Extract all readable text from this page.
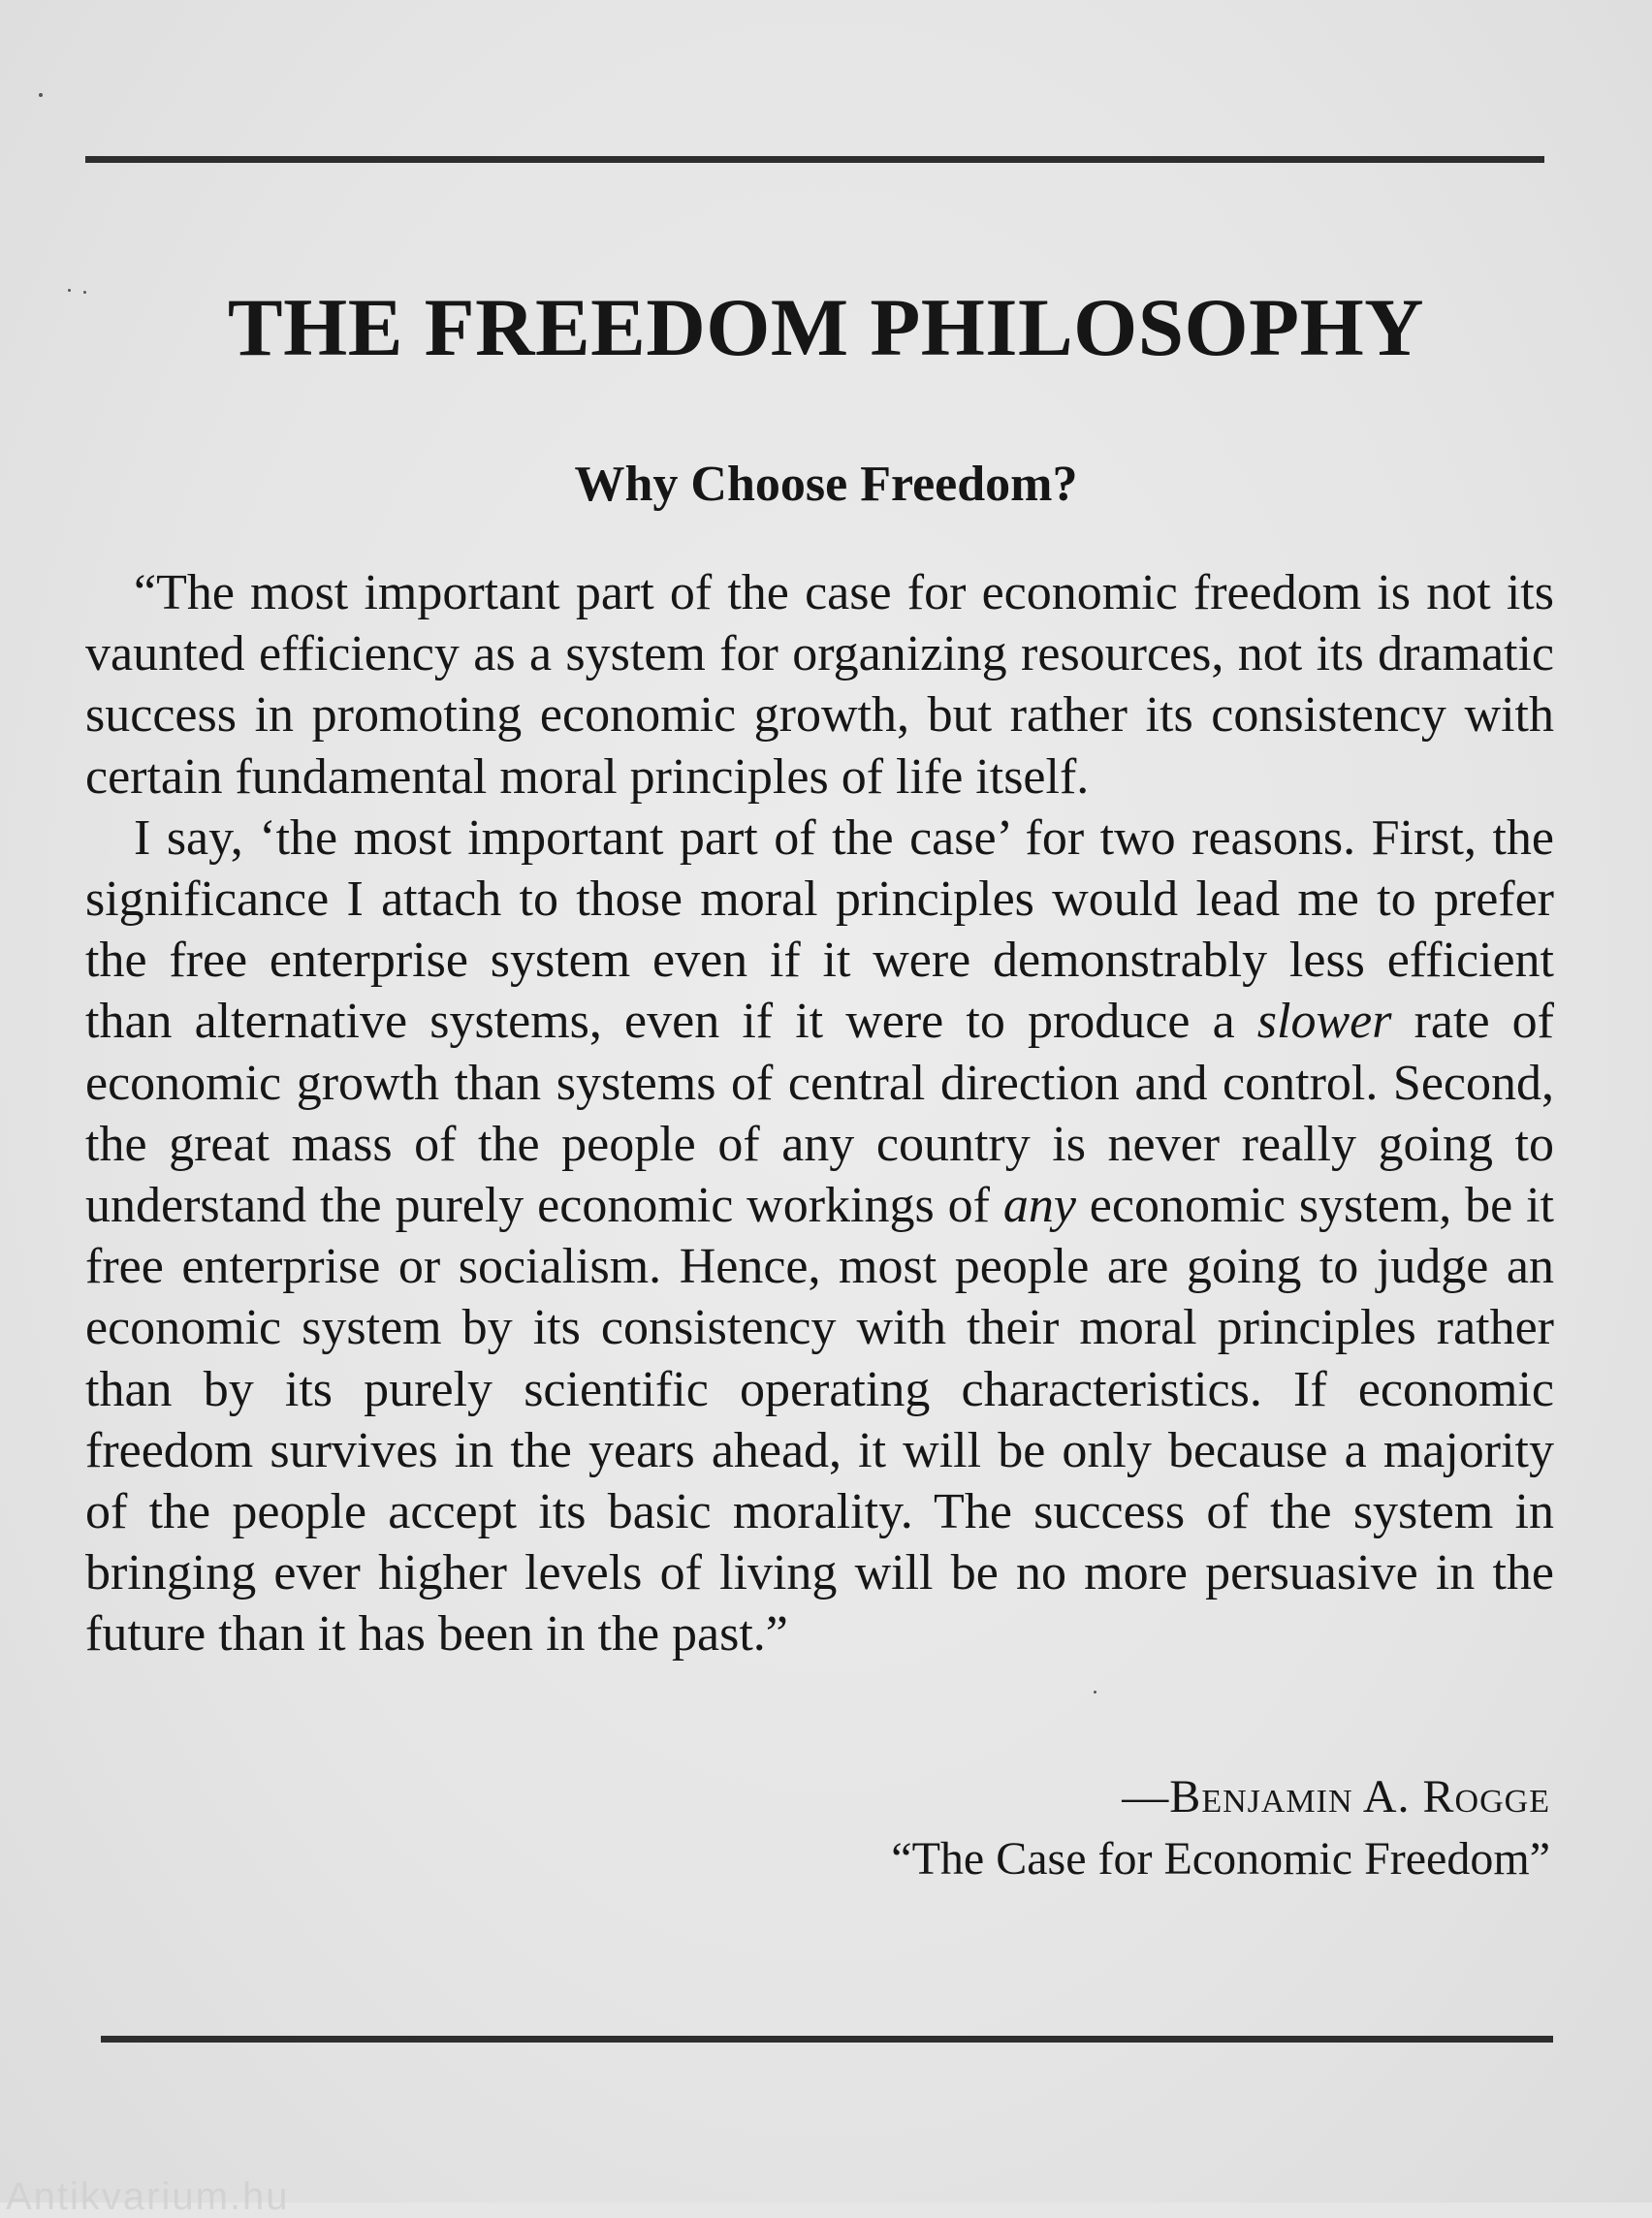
THE FREEDOM PHILOSOPHY
Why Choose Freedom?

“The most important part of the case for economic freedom is not its vaunted efficiency as a system for organizing resources, not its dramatic success in promoting economic growth, but rather its consistency with certain fundamental moral principles of life itself.

I say, ‘the most important part of the case’ for two reasons. First, the significance I attach to those moral principles would lead me to prefer the free enterprise system even if it were demonstrably less efficient than alternative systems, even if it were to produce a slower rate of economic growth than systems of central direction and control. Second, the great mass of the people of any country is never really going to understand the purely economic workings of any economic system, be it free enterprise or socialism. Hence, most people are going to judge an economic system by its consistency with their moral principles rather than by its purely scientific operating characteristics. If economic freedom survives in the years ahead, it will be only because a majority of the people accept its basic morality. The success of the system in bringing ever higher levels of living will be no more persuasive in the future than it has been in the past.”

—Benjamin A. Rogge
“The Case for Economic Freedom”
Antikvarium.hu
